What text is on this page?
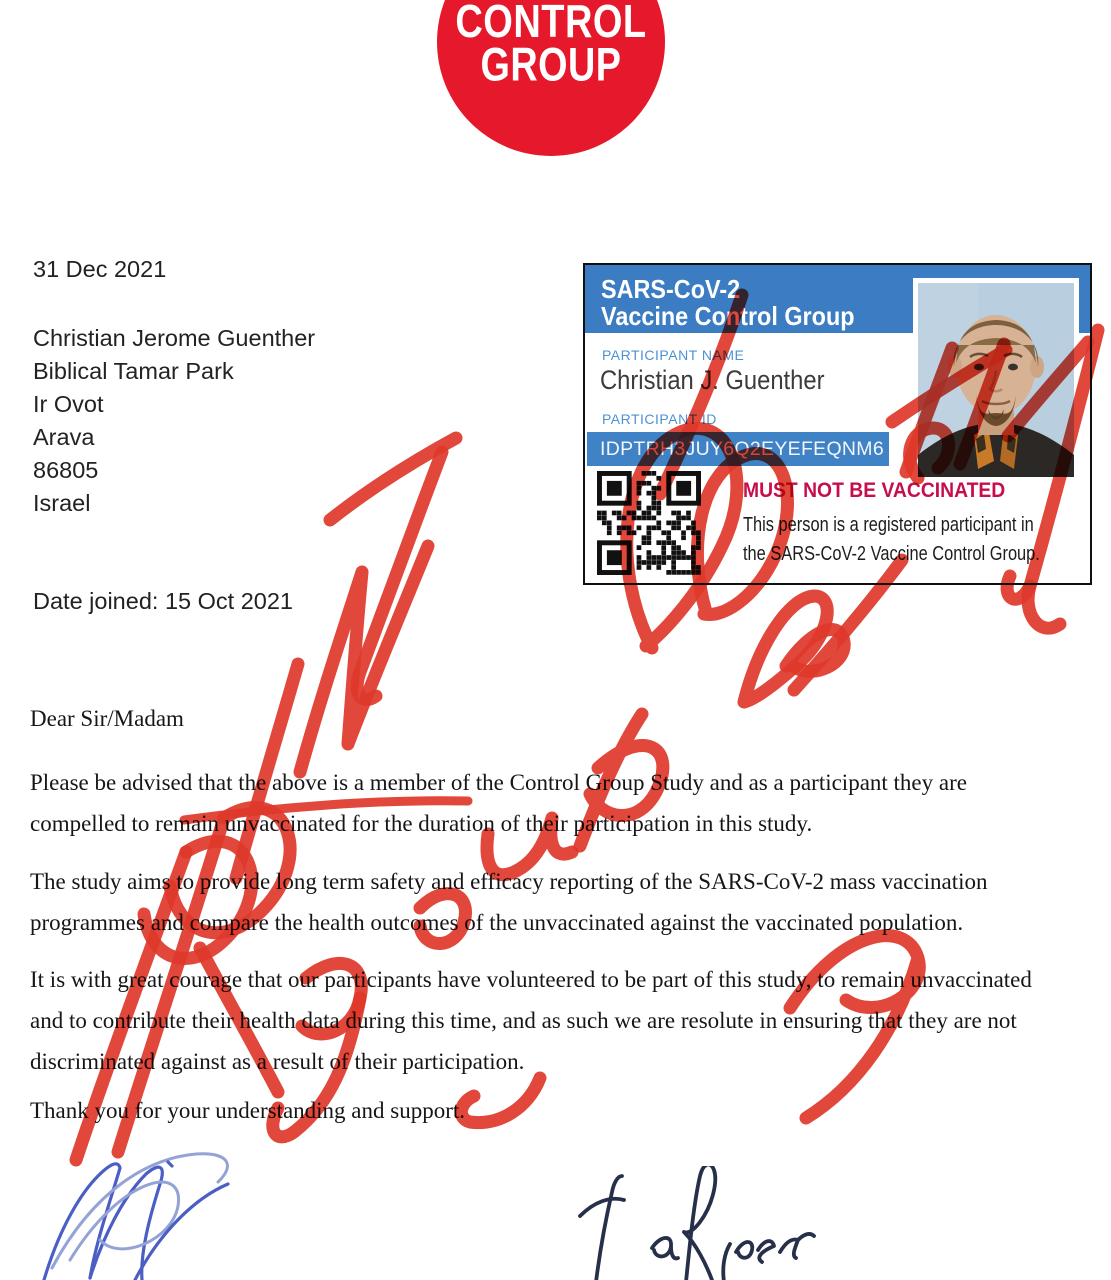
CONTROL
GROUP
31 Dec 2021
Christian Jerome Guenther
Biblical Tamar Park
Ir Ovot
Arava
86805
Israel
Date joined: 15 Oct 2021
SARS-CoV-2
Vaccine Control Group
PARTICIPANT NAME
Christian J. Guenther
PARTICIPANT ID
IDPTRH3JUY6Q2EYEFEQNM6
MUST NOT BE VACCINATED
This person is a registered participant in
the SARS-CoV-2 Vaccine Control Group.
Dear Sir/Madam
Please be advised that the above is a member of the Control Group Study and as a participant they are
compelled to remain unvaccinated for the duration of their participation in this study.
The study aims to provide long term safety and efficacy reporting of the SARS-CoV-2 mass vaccination
programmes and compare the health outcomes of the unvaccinated against the vaccinated population.
It is with great courage that our participants have volunteered to be part of this study, to remain unvaccinated
and to contribute their health data during this time, and as such we are resolute in ensuring that they are not
discriminated against as a result of their participation.
Thank you for your understanding and support.
